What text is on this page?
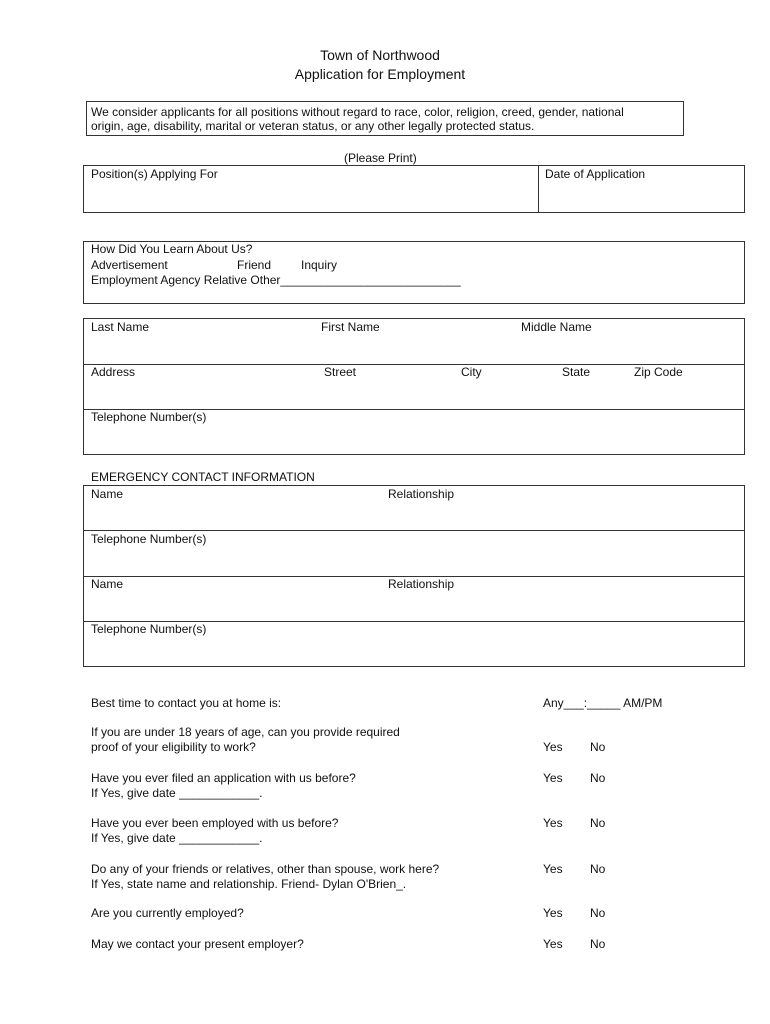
Town of Northwood
Application for Employment
We consider applicants for all positions without regard to race, color, religion, creed, gender, national
origin, age, disability, marital or veteran status, or any other legally protected status.
(Please Print)
Position(s) Applying For	Date of Application
How Did You Learn About Us?
Advertisement	Friend Inquiry
Employment Agency Relative Other___________________________
Last Name	First Name	Middle Name
Address	Street	City	State	Zip Code
Telephone Number(s)
EMERGENCY CONTACT INFORMATION
Name	Relationship
Telephone Number(s)
Name	Relationship
Telephone Number(s)
Best time to contact you at home is:	Any___:_____ AM/PM
If you are under 18 years of age, can you provide required
proof of your eligibility to work?	Yes No
Have you ever filed an application with us before?
If Yes, give date ____________.
Yes No
Have you ever been employed with us before?
If Yes, give date ____________.
Yes No
Do any of your friends or relatives, other than spouse, work here?
If Yes, state name and relationship. Friend- Dylan O'Brien_.
Yes No
Are you currently employed?	Yes No
May we contact your present employer?	Yes No
